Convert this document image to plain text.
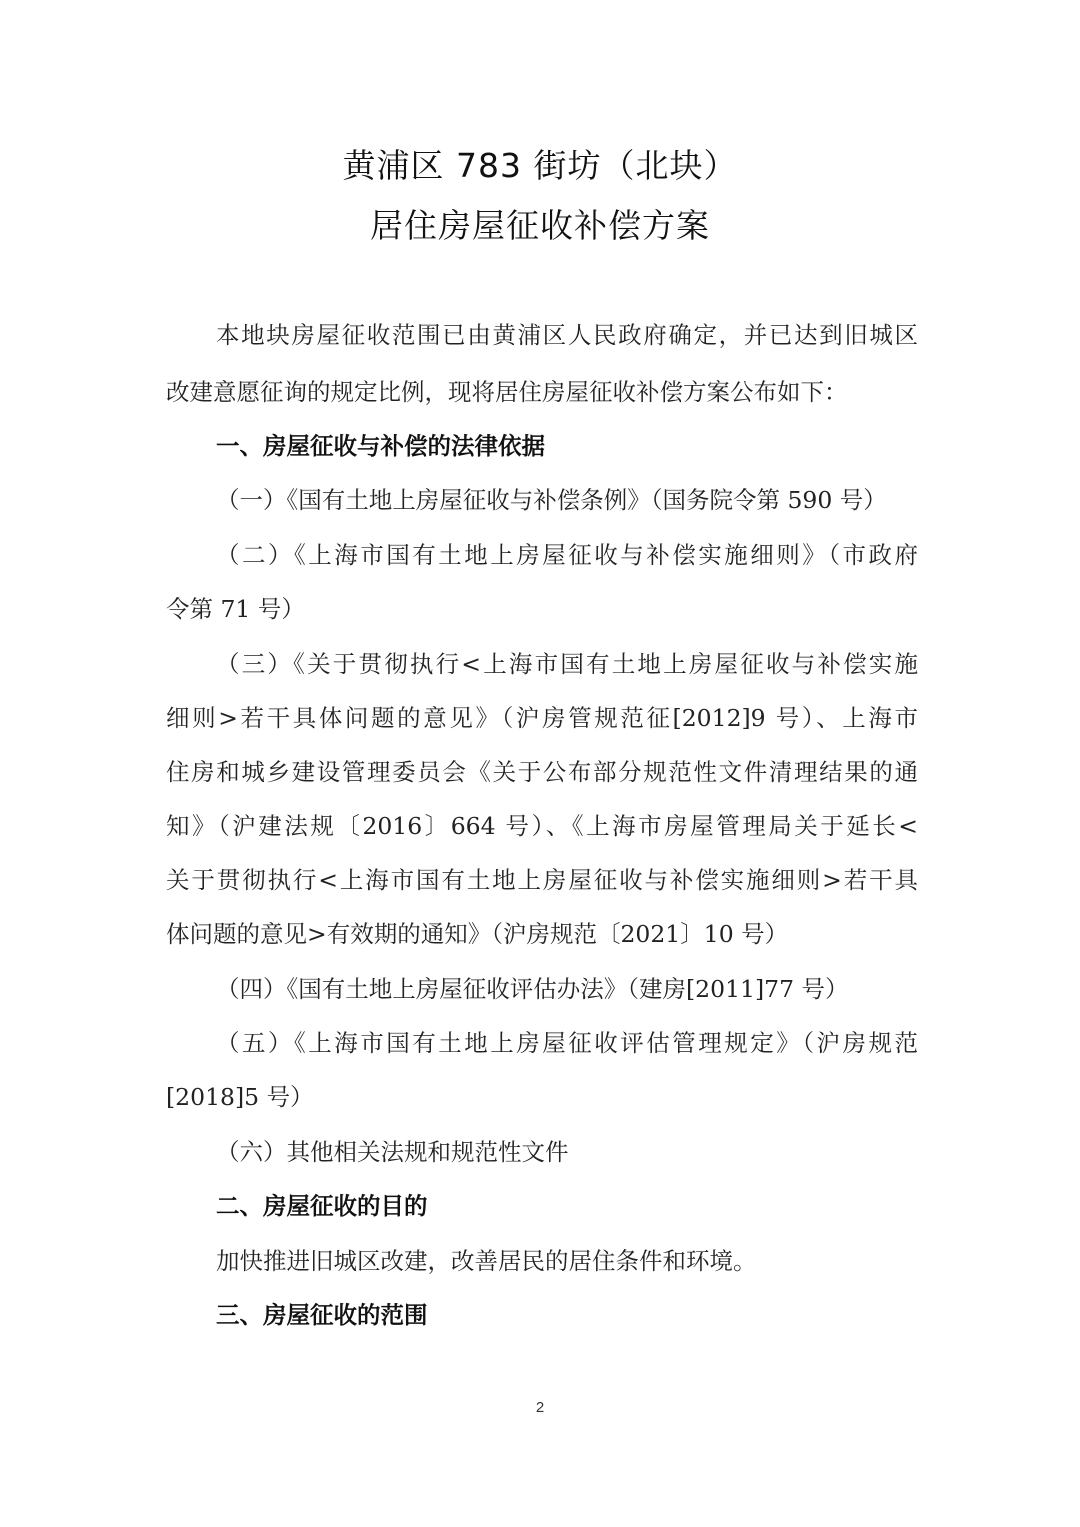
黄浦区 783 街坊（北块）
居住房屋征收补偿方案
本地块房屋征收范围已由黄浦区人民政府确定，并已达到旧城区
改建意愿征询的规定比例，现将居住房屋征收补偿方案公布如下：
一、房屋征收与补偿的法律依据
（一）《国有土地上房屋征收与补偿条例》（国务院令第 590 号）
（二）《上海市国有土地上房屋征收与补偿实施细则》（市政府
令第 71 号）
（三）《关于贯彻执行<上海市国有土地上房屋征收与补偿实施
细则>若干具体问题的意见》（沪房管规范征[2012]9 号）、上海市
住房和城乡建设管理委员会《关于公布部分规范性文件清理结果的通
知》（沪建法规〔2016〕664 号）、《上海市房屋管理局关于延长<
关于贯彻执行<上海市国有土地上房屋征收与补偿实施细则>若干具
体问题的意见>有效期的通知》（沪房规范〔2021〕10 号）
（四）《国有土地上房屋征收评估办法》（建房[2011]77 号）
（五）《上海市国有土地上房屋征收评估管理规定》（沪房规范
[2018]5 号）
（六）其他相关法规和规范性文件
二、房屋征收的目的
加快推进旧城区改建，改善居民的居住条件和环境。
三、房屋征收的范围
2
